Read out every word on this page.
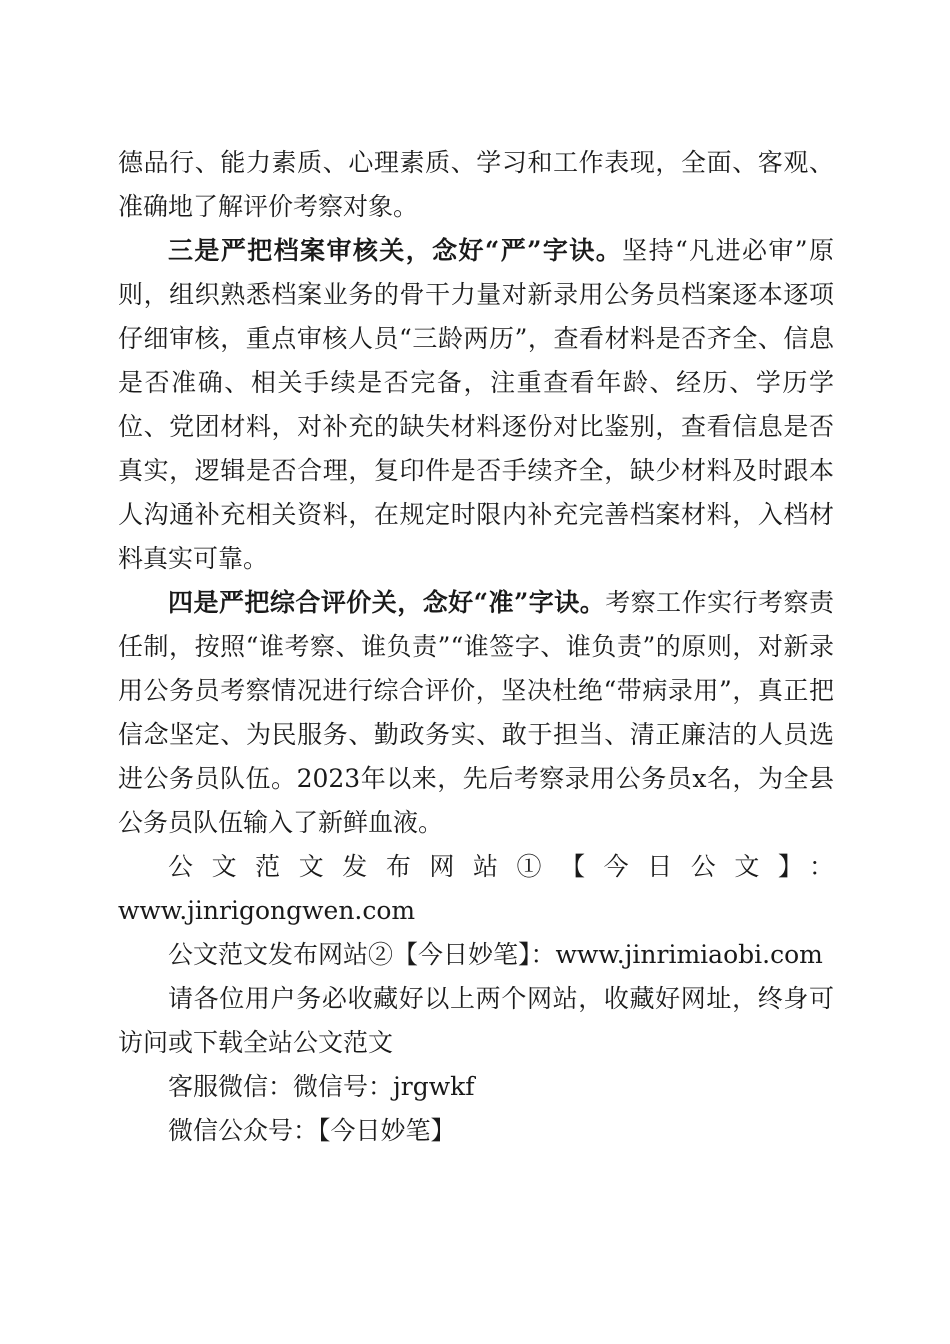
德品行、能力素质、心理素质、学习和工作表现，全面、客观、准确地了解评价考察对象。

三是严把档案审核关，念好“严”字诀。坚持“凡进必审”原则，组织熟悉档案业务的骨干力量对新录用公务员档案逐本逐项仔细审核，重点审核人员“三龄两历”，查看材料是否齐全、信息是否准确、相关手续是否完备，注重查看年龄、经历、学历学位、党团材料，对补充的缺失材料逐份对比鉴别，查看信息是否真实，逻辑是否合理，复印件是否手续齐全，缺少材料及时跟本人沟通补充相关资料，在规定时限内补充完善档案材料，入档材料真实可靠。

四是严把综合评价关，念好“准”字诀。考察工作实行考察责任制，按照“谁考察、谁负责”“谁签字、谁负责”的原则，对新录用公务员考察情况进行综合评价，坚决杜绝“带病录用”，真正把信念坚定、为民服务、勤政务实、敢于担当、清正廉洁的人员选进公务员队伍。2023年以来，先后考察录用公务员x名，为全县公务员队伍输入了新鲜血液。

公文范文发布网站①【今日公文】：

www.jinrigongwen.com

公文范文发布网站②【今日妙笔】：www.jinrimiaobi.com

请各位用户务必收藏好以上两个网站，收藏好网址，终身可访问或下载全站公文范文

客服微信：微信号：jrgwkf

微信公众号：【今日妙笔】
